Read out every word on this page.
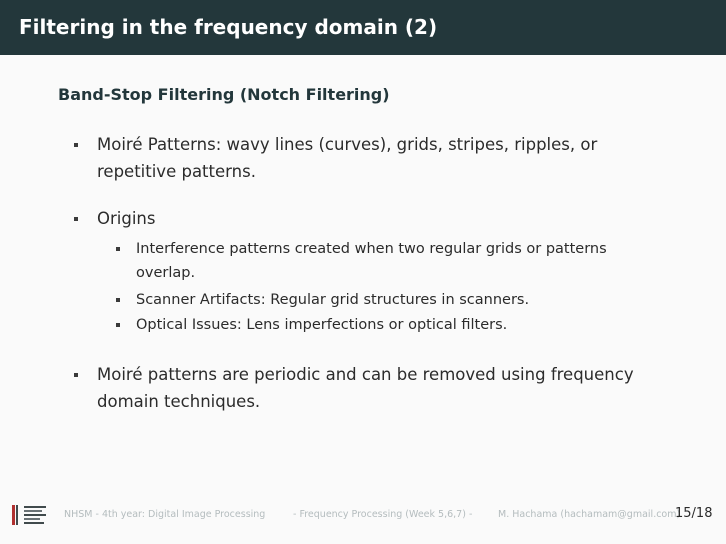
Filtering in the frequency domain (2)
Band-Stop Filtering (Notch Filtering)
Moiré Patterns: wavy lines (curves), grids, stripes, ripples, or
repetitive patterns.
Origins
Interference patterns created when two regular grids or patterns
overlap.
Scanner Artifacts: Regular grid structures in scanners.
Optical Issues: Lens imperfections or optical filters.
Moiré patterns are periodic and can be removed using frequency
domain techniques.
NHSM - 4th year: Digital Image Processing	- Frequency Processing (Week 5,6,7) -	M. Hachama (hachamam@gmail.com)
15/18
